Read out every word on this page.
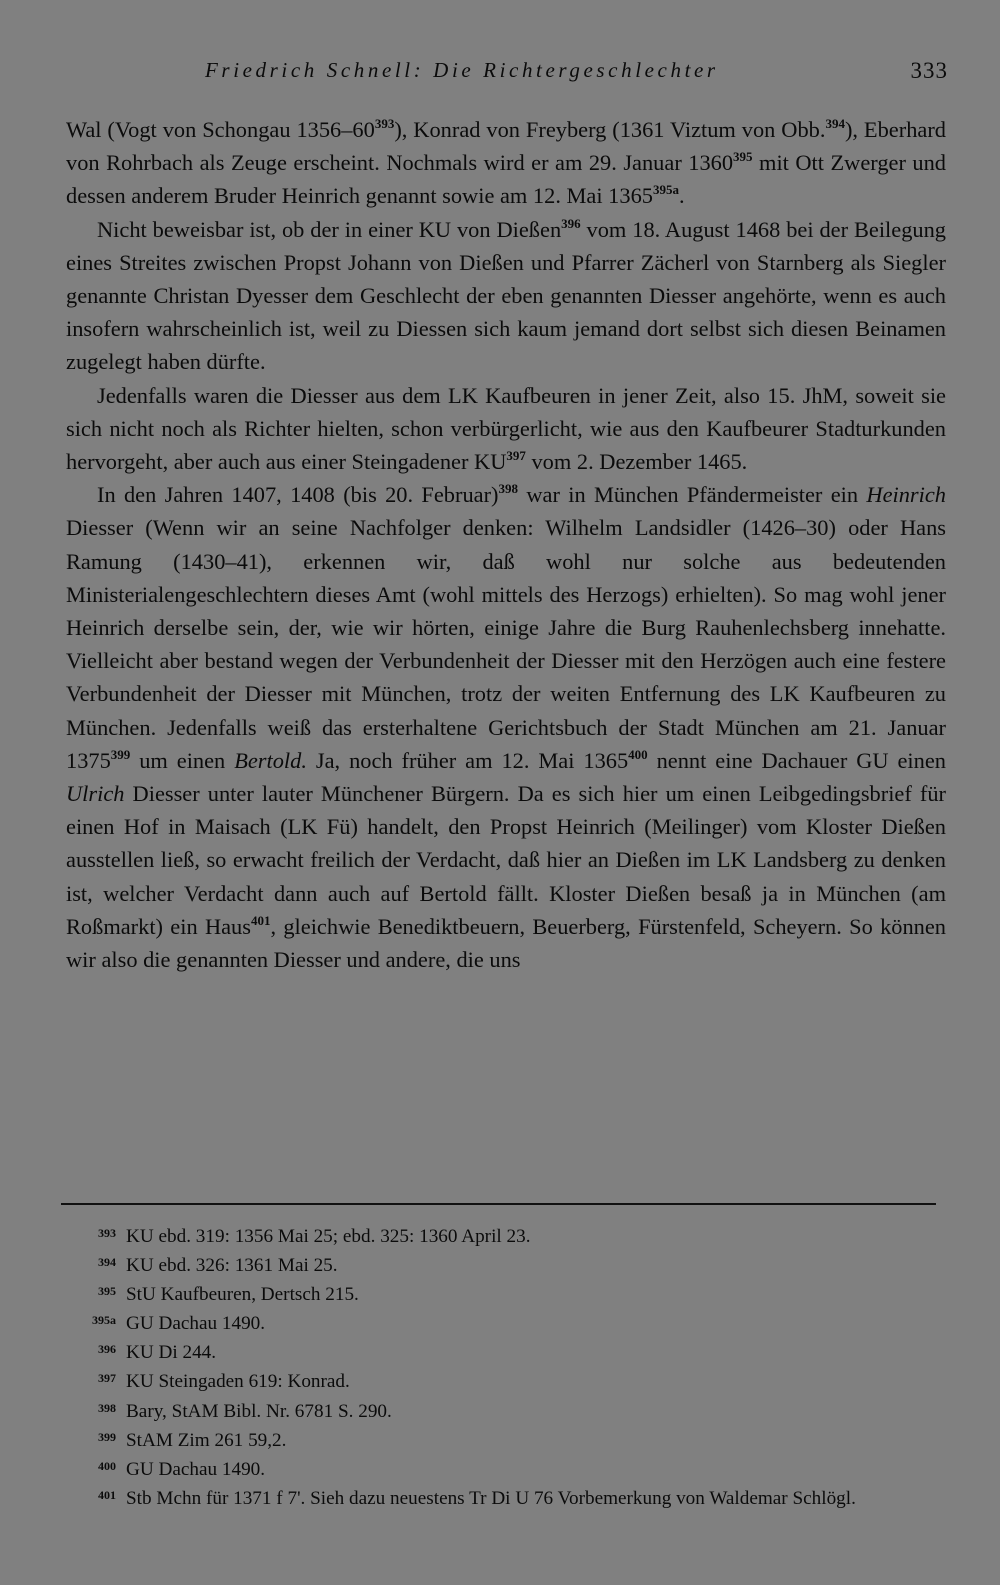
Friedrich Schnell: Die Richtergeschlechter	333

Wal (Vogt von Schongau 1356–60$^{393}$), Konrad von Freyberg (1361 Viztum von Obb.$^{394}$), Eberhard von Rohrbach als Zeuge erscheint. Nochmals wird er am 29. Januar 1360$^{395}$ mit Ott Zwerger und dessen anderem Bruder Heinrich genannt sowie am 12. Mai 1365$^{395a}$.

Nicht beweisbar ist, ob der in einer KU von Dießen$^{396}$ vom 18. August 1468 bei der Beilegung eines Streites zwischen Propst Johann von Dießen und Pfarrer Zächerl von Starnberg als Siegler genannte Christan Dyesser dem Geschlecht der eben genannten Diesser angehörte, wenn es auch insofern wahrscheinlich ist, weil zu Diessen sich kaum jemand dort selbst sich diesen Beinamen zugelegt haben dürfte.

Jedenfalls waren die Diesser aus dem LK Kaufbeuren in jener Zeit, also 15. JhM, soweit sie sich nicht noch als Richter hielten, schon verbürgerlicht, wie aus den Kaufbeurer Stadturkunden hervorgeht, aber auch aus einer Steingadener KU$^{397}$ vom 2. Dezember 1465.

In den Jahren 1407, 1408 (bis 20. Februar)$^{398}$ war in München Pfändermeister ein Heinrich Diesser (Wenn wir an seine Nachfolger denken: Wilhelm Landsidler (1426–30) oder Hans Ramung (1430–41), erkennen wir, daß wohl nur solche aus bedeutenden Ministerialengeschlechtern dieses Amt (wohl mittels des Herzogs) erhielten). So mag wohl jener Heinrich derselbe sein, der, wie wir hörten, einige Jahre die Burg Rauhenlechsberg innehatte. Vielleicht aber bestand wegen der Verbundenheit der Diesser mit den Herzögen auch eine festere Verbundenheit der Diesser mit München, trotz der weiten Entfernung des LK Kaufbeuren zu München. Jedenfalls weiß das ersterhaltene Gerichtsbuch der Stadt München am 21. Januar 1375$^{399}$ um einen Bertold. Ja, noch früher am 12. Mai 1365$^{400}$ nennt eine Dachauer GU einen Ulrich Diesser unter lauter Münchener Bürgern. Da es sich hier um einen Leibgedingsbrief für einen Hof in Maisach (LK Fü) handelt, den Propst Heinrich (Meilinger) vom Kloster Dießen ausstellen ließ, so erwacht freilich der Verdacht, daß hier an Dießen im LK Landsberg zu denken ist, welcher Verdacht dann auch auf Bertold fällt. Kloster Dießen besaß ja in München (am Roßmarkt) ein Haus$^{401}$, gleichwie Benediktbeuern, Beuerberg, Fürstenfeld, Scheyern. So können wir also die genannten Diesser und andere, die uns

393 KU ebd. 319: 1356 Mai 25; ebd. 325: 1360 April 23.
394 KU ebd. 326: 1361 Mai 25.
395 StU Kaufbeuren, Dertsch 215.
395a GU Dachau 1490.
396 KU Di 244.
397 KU Steingaden 619: Konrad.
398 Bary, StAM Bibl. Nr. 6781 S. 290.
399 StAM Zim 261 59,2.
400 GU Dachau 1490.
401 Stb Mchn für 1371 f 7'. Sieh dazu neuestens Tr Di U 76 Vorbemerkung von Waldemar Schlögl.
